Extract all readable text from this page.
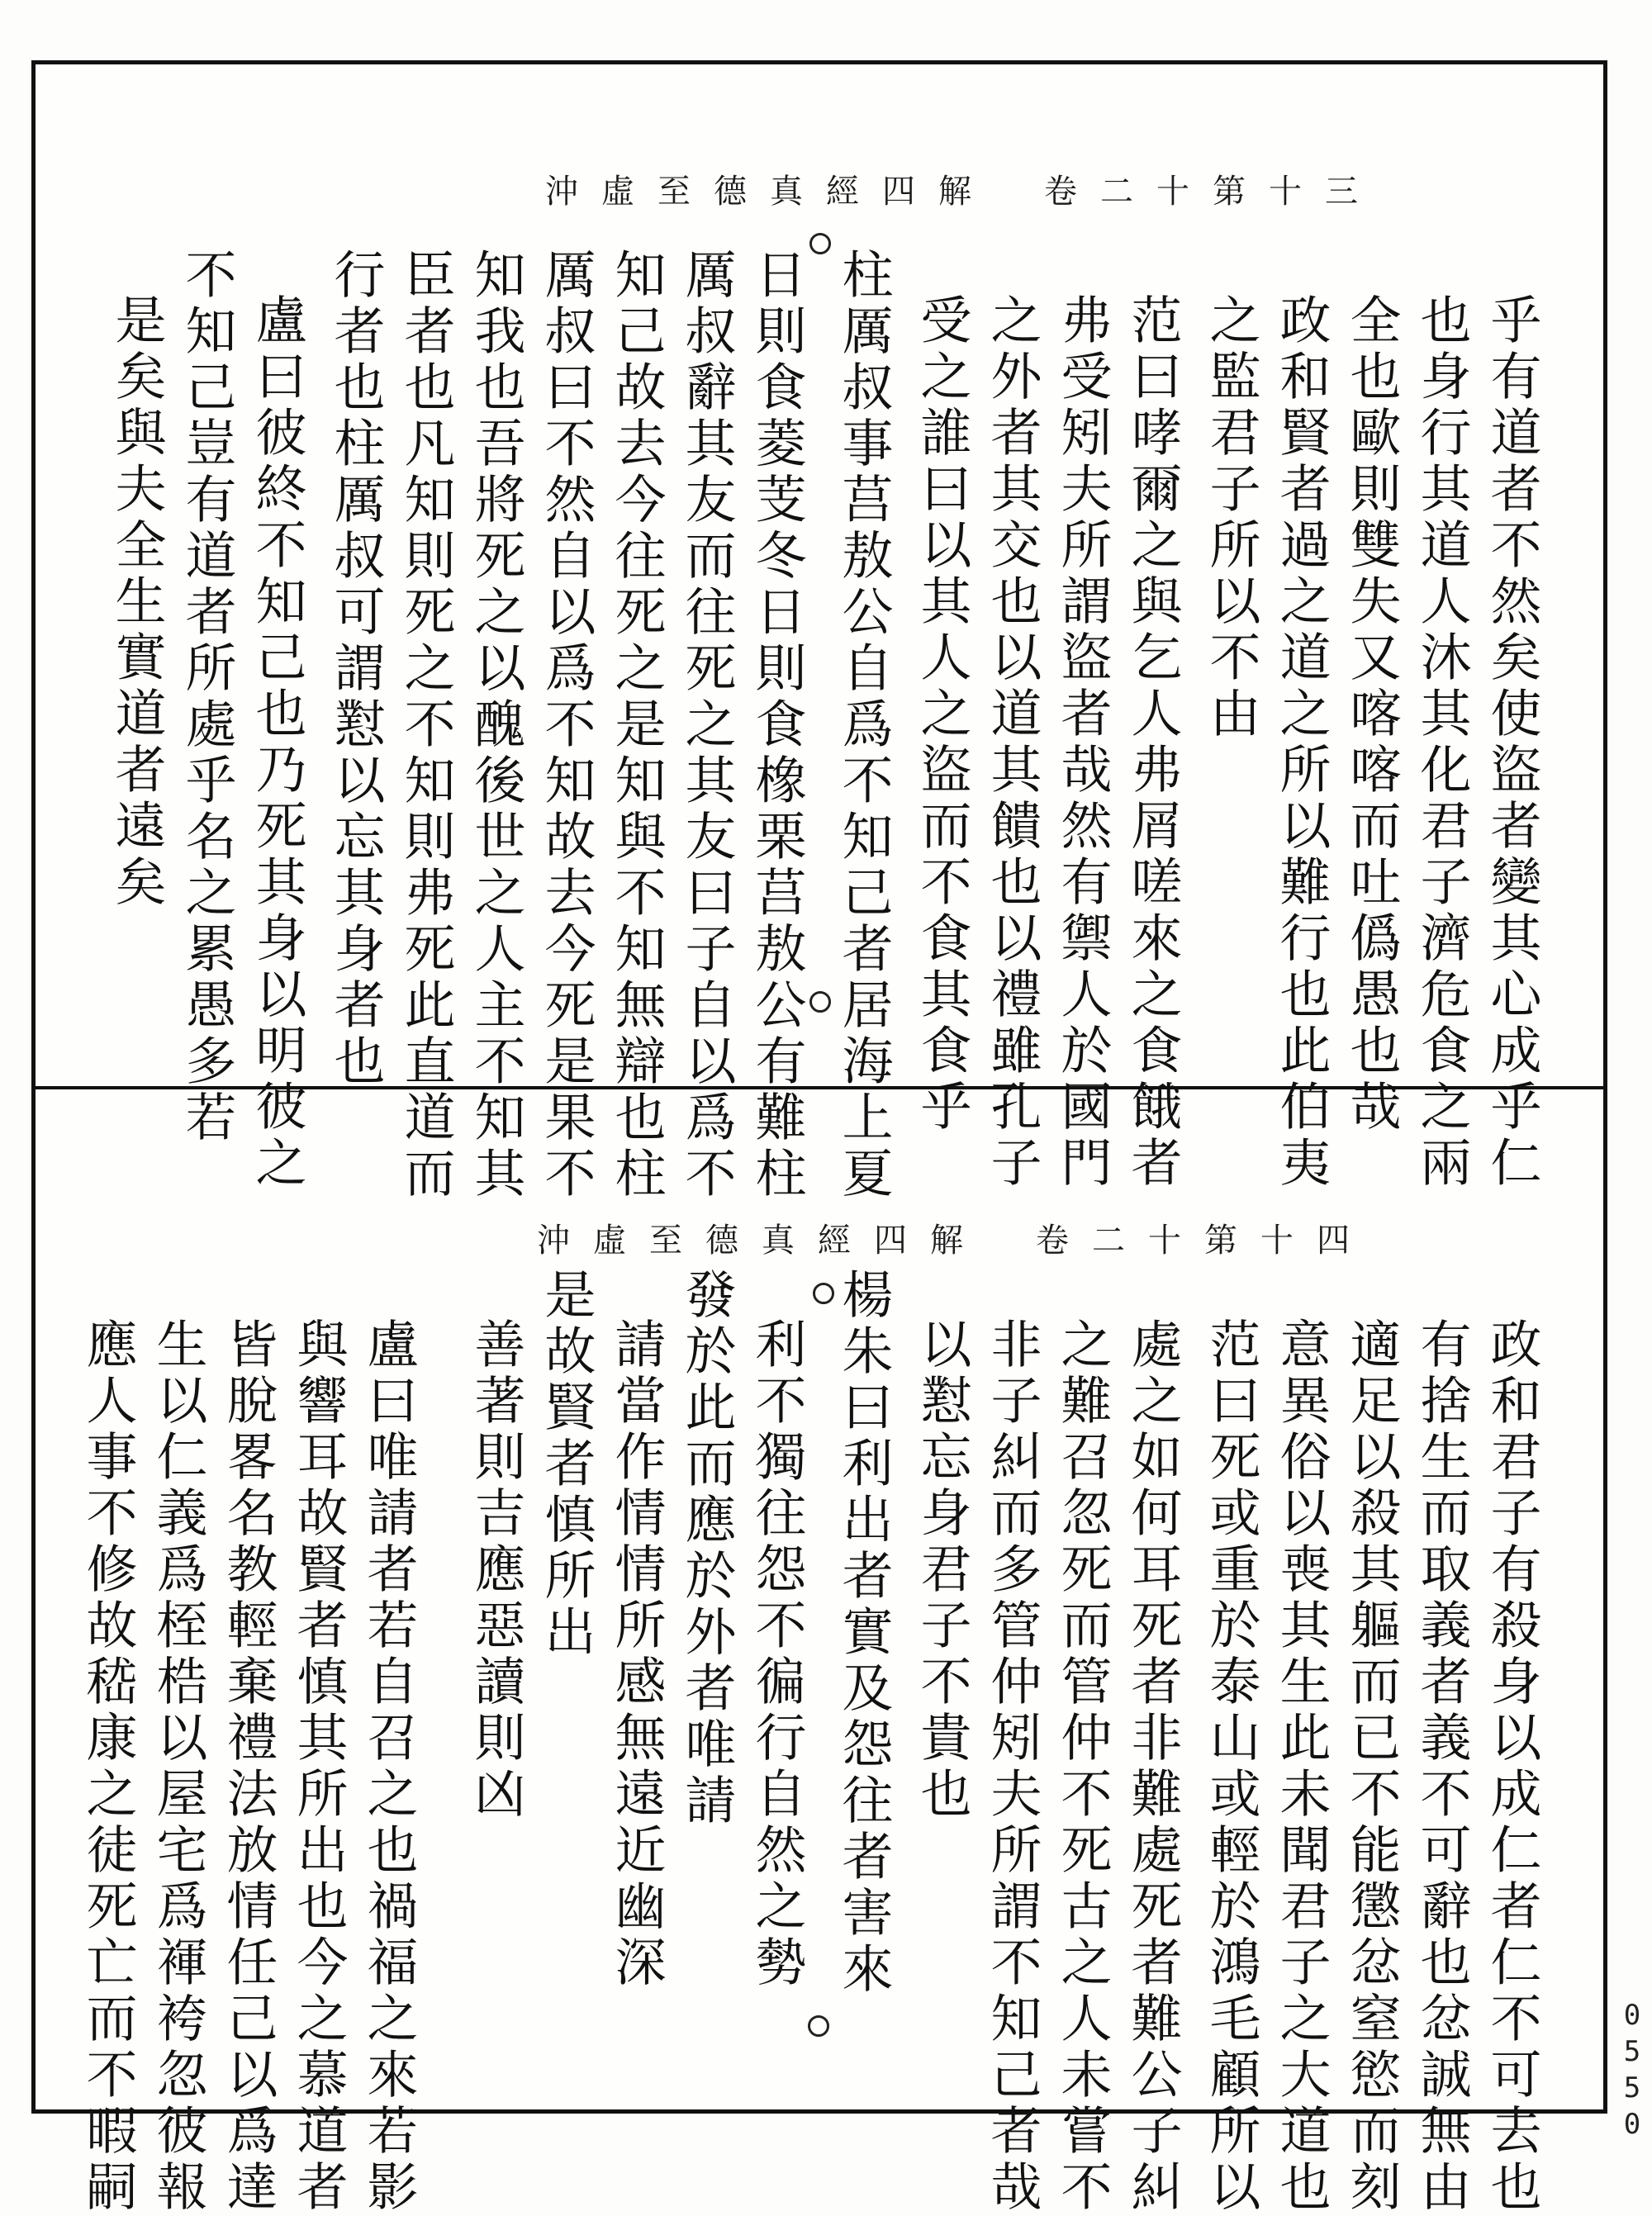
沖虛至德真經四解 卷二十第十三
沖虛至德真經四解 卷二十第十四
乎有道者不然矣使盜者變其心成乎仁
也身行其道人沐其化君子濟危食之兩
全也歐則雙失又喀喀而吐僞愚也哉
政和賢者過之道之所以難行也此伯夷
之監君子所以不由
范曰哮爾之與乞人弗屑嗟來之食餓者
弗受矧夫所謂盜者哉然有禦人於國門
之外者其交也以道其饋也以禮雖孔子
受之誰曰以其人之盜而不食其食乎
柱厲叔事莒敖公自爲不知己者居海上夏
日則食菱芰冬日則食橡栗莒敖公有難柱
厲叔辭其友而往死之其友曰子自以爲不
知己故去今往死之是知與不知無辯也柱
厲叔曰不然自以爲不知故去今死是果不
知我也吾將死之以醜後世之人主不知其
臣者也凡知則死之不知則弗死此直道而
行者也柱厲叔可謂懟以忘其身者也
盧曰彼終不知己也乃死其身以明彼之
不知己豈有道者所處乎名之累愚多若
是矣與夫全生實道者遠矣
政和君子有殺身以成仁者仁不可去也
有捨生而取義者義不可辭也忿誠無由
適足以殺其軀而已不能懲忿窒慾而刻
意異俗以喪其生此未聞君子之大道也
范曰死或重於泰山或輕於鴻毛顧所以
處之如何耳死者非難處死者難公子糾
之難召忽死而管仲不死古之人未嘗不
非子糾而多管仲矧夫所謂不知己者哉
以懟忘身君子不貴也
楊朱曰利出者實及怨往者害來
利不獨往怨不徧行自然之勢
發於此而應於外者唯請
請當作情情所感無遠近幽深
是故賢者慎所出
善著則吉應惡讀則凶
盧曰唯請者若自召之也禍福之來若影
與響耳故賢者慎其所出也今之慕道者
皆脫畧名教輕棄禮法放情任己以爲達
生以仁義爲桎梏以屋宅爲褌袴忽彼報
應人事不修故嵇康之徒死亡而不暇嗣	0550
